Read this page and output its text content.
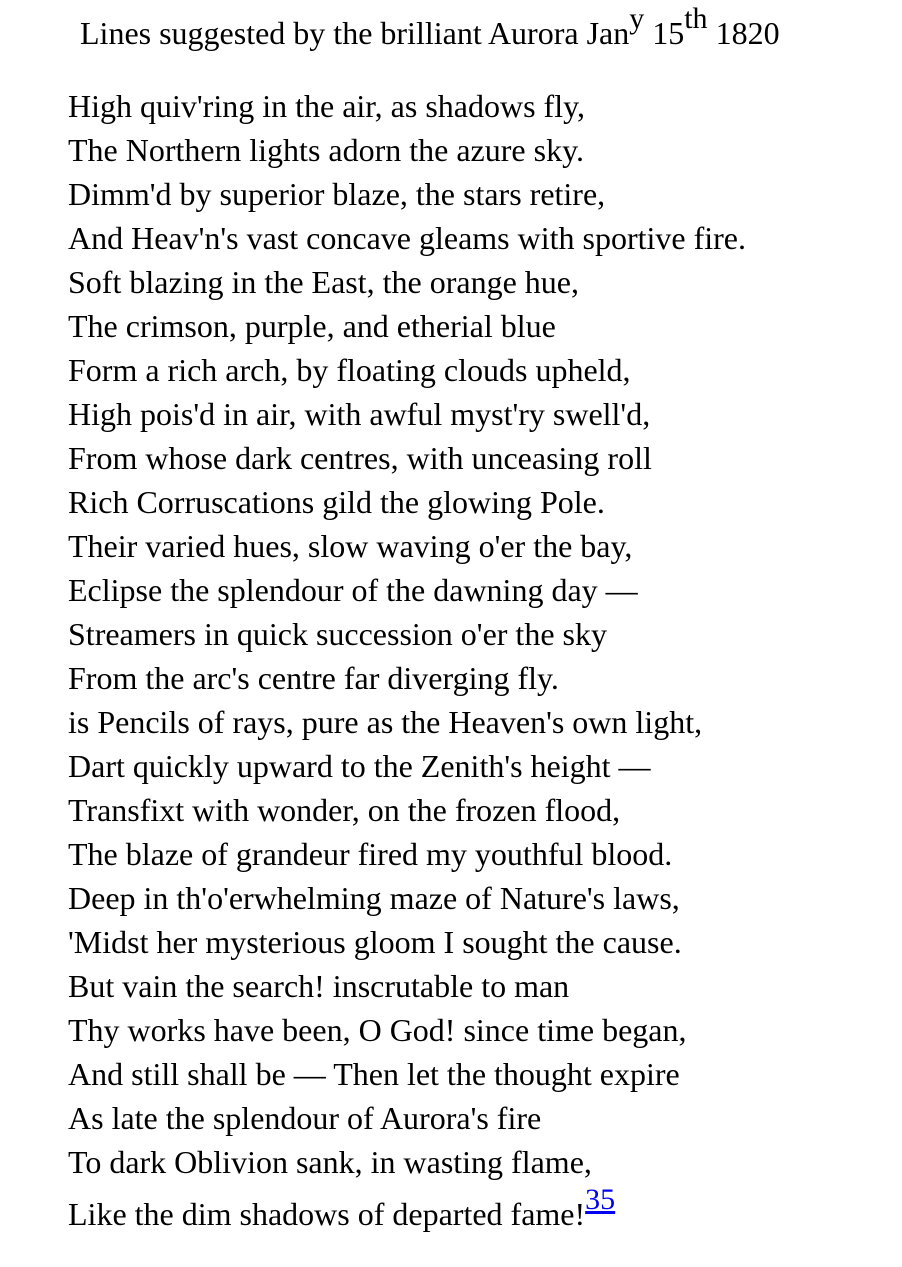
Lines suggested by the brilliant Aurora Jan$^y$ 15th 1820
High quiv'ring in the air, as shadows fly,
The Northern lights adorn the azure sky.
Dimm'd by superior blaze, the stars retire,
And Heav'n's vast concave gleams with sportive fire.
Soft blazing in the East, the orange hue,
The crimson, purple, and etherial blue
Form a rich arch, by floating clouds upheld,
High pois'd in air, with awful myst'ry swell'd,
From whose dark centres, with unceasing roll
Rich Corruscations gild the glowing Pole.
Their varied hues, slow waving o'er the bay,
Eclipse the splendour of the dawning day —
Streamers in quick succession o'er the sky
From the arc's centre far diverging fly.
is Pencils of rays, pure as the Heaven's own light,
Dart quickly upward to the Zenith's height —
Transfixt with wonder, on the frozen flood,
The blaze of grandeur fired my youthful blood.
Deep in th'o'erwhelming maze of Nature's laws,
'Midst her mysterious gloom I sought the cause.
But vain the search! inscrutable to man
Thy works have been, O God! since time began,
And still shall be — Then let the thought expire
As late the splendour of Aurora's fire
To dark Oblivion sank, in wasting flame,
Like the dim shadows of departed fame!35
